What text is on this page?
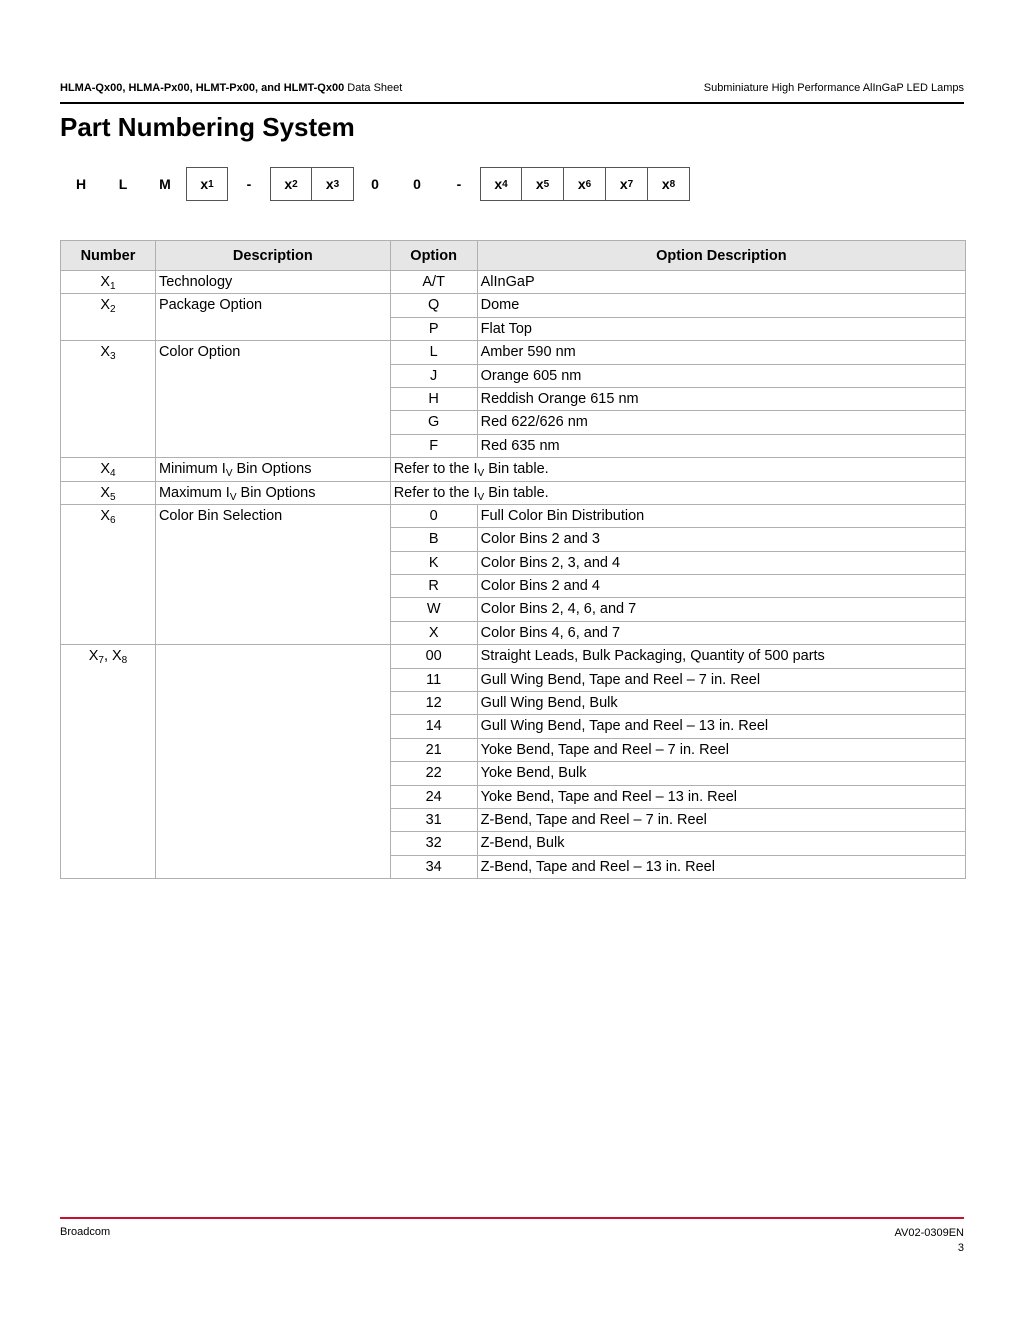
HLMA-Qx00, HLMA-Px00, HLMT-Px00, and HLMT-Qx00 Data Sheet	Subminiature High Performance AlInGaP LED Lamps
Part Numbering System
H L M x 1 - x 2 x 3 0 0	- x 4 x 5 x 6 x 7 x 8
Number	Description	Option	Option Description
$X_1$	Technology	A/T	AlInGaP
$X_2$	Package Option	Q	Dome
		P	Flat Top
$X_3$	Color Option	L	Amber 590 nm
		J	Orange 605 nm
		H	Reddish Orange 615 nm
		G	Red 622/626 nm
		F	Red 635 nm
$X_4$	Minimum $I_V$ Bin Options	Refer to the $I_V$ Bin table.	
$X_5$	Maximum $I_V$ Bin Options	Refer to the $I_V$ Bin table.	
$X_6$	Color Bin Selection	0	Full Color Bin Distribution
		B	Color Bins 2 and 3
		K	Color Bins 2, 3, and 4
		R	Color Bins 2 and 4
		W	Color Bins 2, 4, 6, and 7
		X	Color Bins 4, 6, and 7
$X_7$, $X_8$		00	Straight Leads, Bulk Packaging, Quantity of 500 parts
		11	Gull Wing Bend, Tape and Reel – 7 in. Reel
		12	Gull Wing Bend, Bulk
		14	Gull Wing Bend, Tape and Reel – 13 in. Reel
		21	Yoke Bend, Tape and Reel – 7 in. Reel
		22	Yoke Bend, Bulk
		24	Yoke Bend, Tape and Reel – 13 in. Reel
		31	Z-Bend, Tape and Reel – 7 in. Reel
		32	Z-Bend, Bulk
		34	Z-Bend, Tape and Reel – 13 in. Reel
Broadcom	AV02-0309EN
3
